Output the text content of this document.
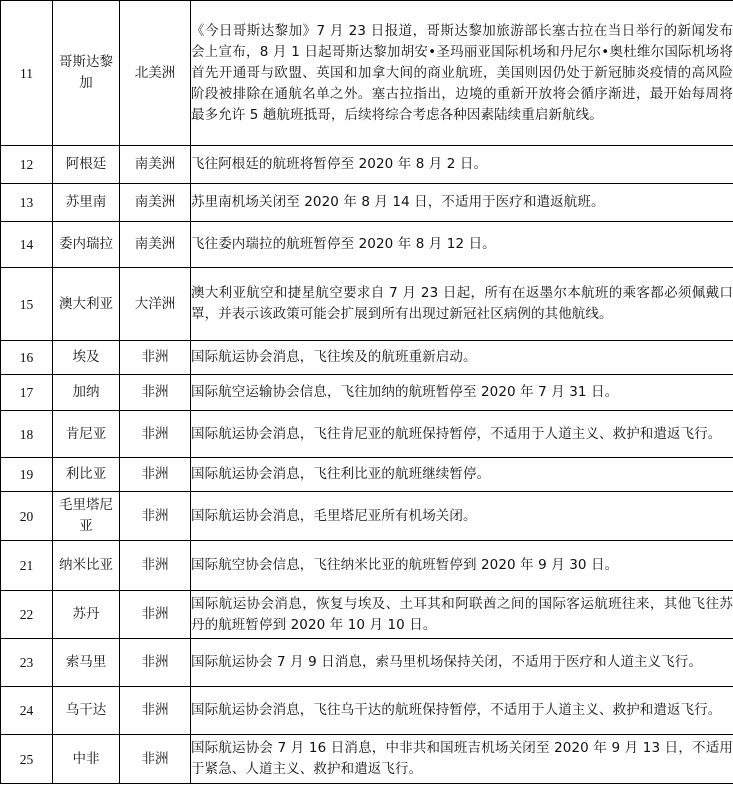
11	哥斯达黎加	北美洲	《今日哥斯达黎加》7 月 23 日报道，哥斯达黎加旅游部长塞古拉在当日举行的新闻发布会上宣布，8 月 1 日起哥斯达黎加胡安•圣玛丽亚国际机场和丹尼尔•奥杜维尔国际机场将首先开通哥与欧盟、英国和加拿大间的商业航班，美国则因仍处于新冠肺炎疫情的高风险阶段被排除在通航名单之外。塞古拉指出，边境的重新开放将会循序渐进，最开始每周将最多允许 5 趟航班抵哥，后续将综合考虑各种因素陆续重启新航线。
12	阿根廷	南美洲	飞往阿根廷的航班将暂停至 2020 年 8 月 2 日。
13	苏里南	南美洲	苏里南机场关闭至 2020 年 8 月 14 日，不适用于医疗和遣返航班。
14	委内瑞拉	南美洲	飞往委内瑞拉的航班暂停至 2020 年 8 月 12 日。
15	澳大利亚	大洋洲	澳大利亚航空和捷星航空要求自 7 月 23 日起，所有在返墨尔本航班的乘客都必须佩戴口罩，并表示该政策可能会扩展到所有出现过新冠社区病例的其他航线。
16	埃及	非洲	国际航运协会消息，飞往埃及的航班重新启动。
17	加纳	非洲	国际航空运输协会信息，飞往加纳的航班暂停至 2020 年 7 月 31 日。
18	肯尼亚	非洲	国际航运协会消息，飞往肯尼亚的航班保持暂停，不适用于人道主义、救护和遣返飞行。
19	利比亚	非洲	国际航运协会消息，飞往利比亚的航班继续暂停。
20	毛里塔尼亚	非洲	国际航运协会消息，毛里塔尼亚所有机场关闭。
21	纳米比亚	非洲	国际航空协会信息，飞往纳米比亚的航班暂停到 2020 年 9 月 30 日。
22	苏丹	非洲	国际航运协会消息，恢复与埃及、土耳其和阿联酋之间的国际客运航班往来，其他飞往苏丹的航班暂停到 2020 年 10 月 10 日。
23	索马里	非洲	国际航运协会 7 月 9 日消息，索马里机场保持关闭，不适用于医疗和人道主义飞行。
24	乌干达	非洲	国际航运协会消息，飞往乌干达的航班保持暂停，不适用于人道主义、救护和遣返飞行。
25	中非	非洲	国际航运协会 7 月 16 日消息，中非共和国班吉机场关闭至 2020 年 9 月 13 日，不适用于紧急、人道主义、救护和遣返飞行。
